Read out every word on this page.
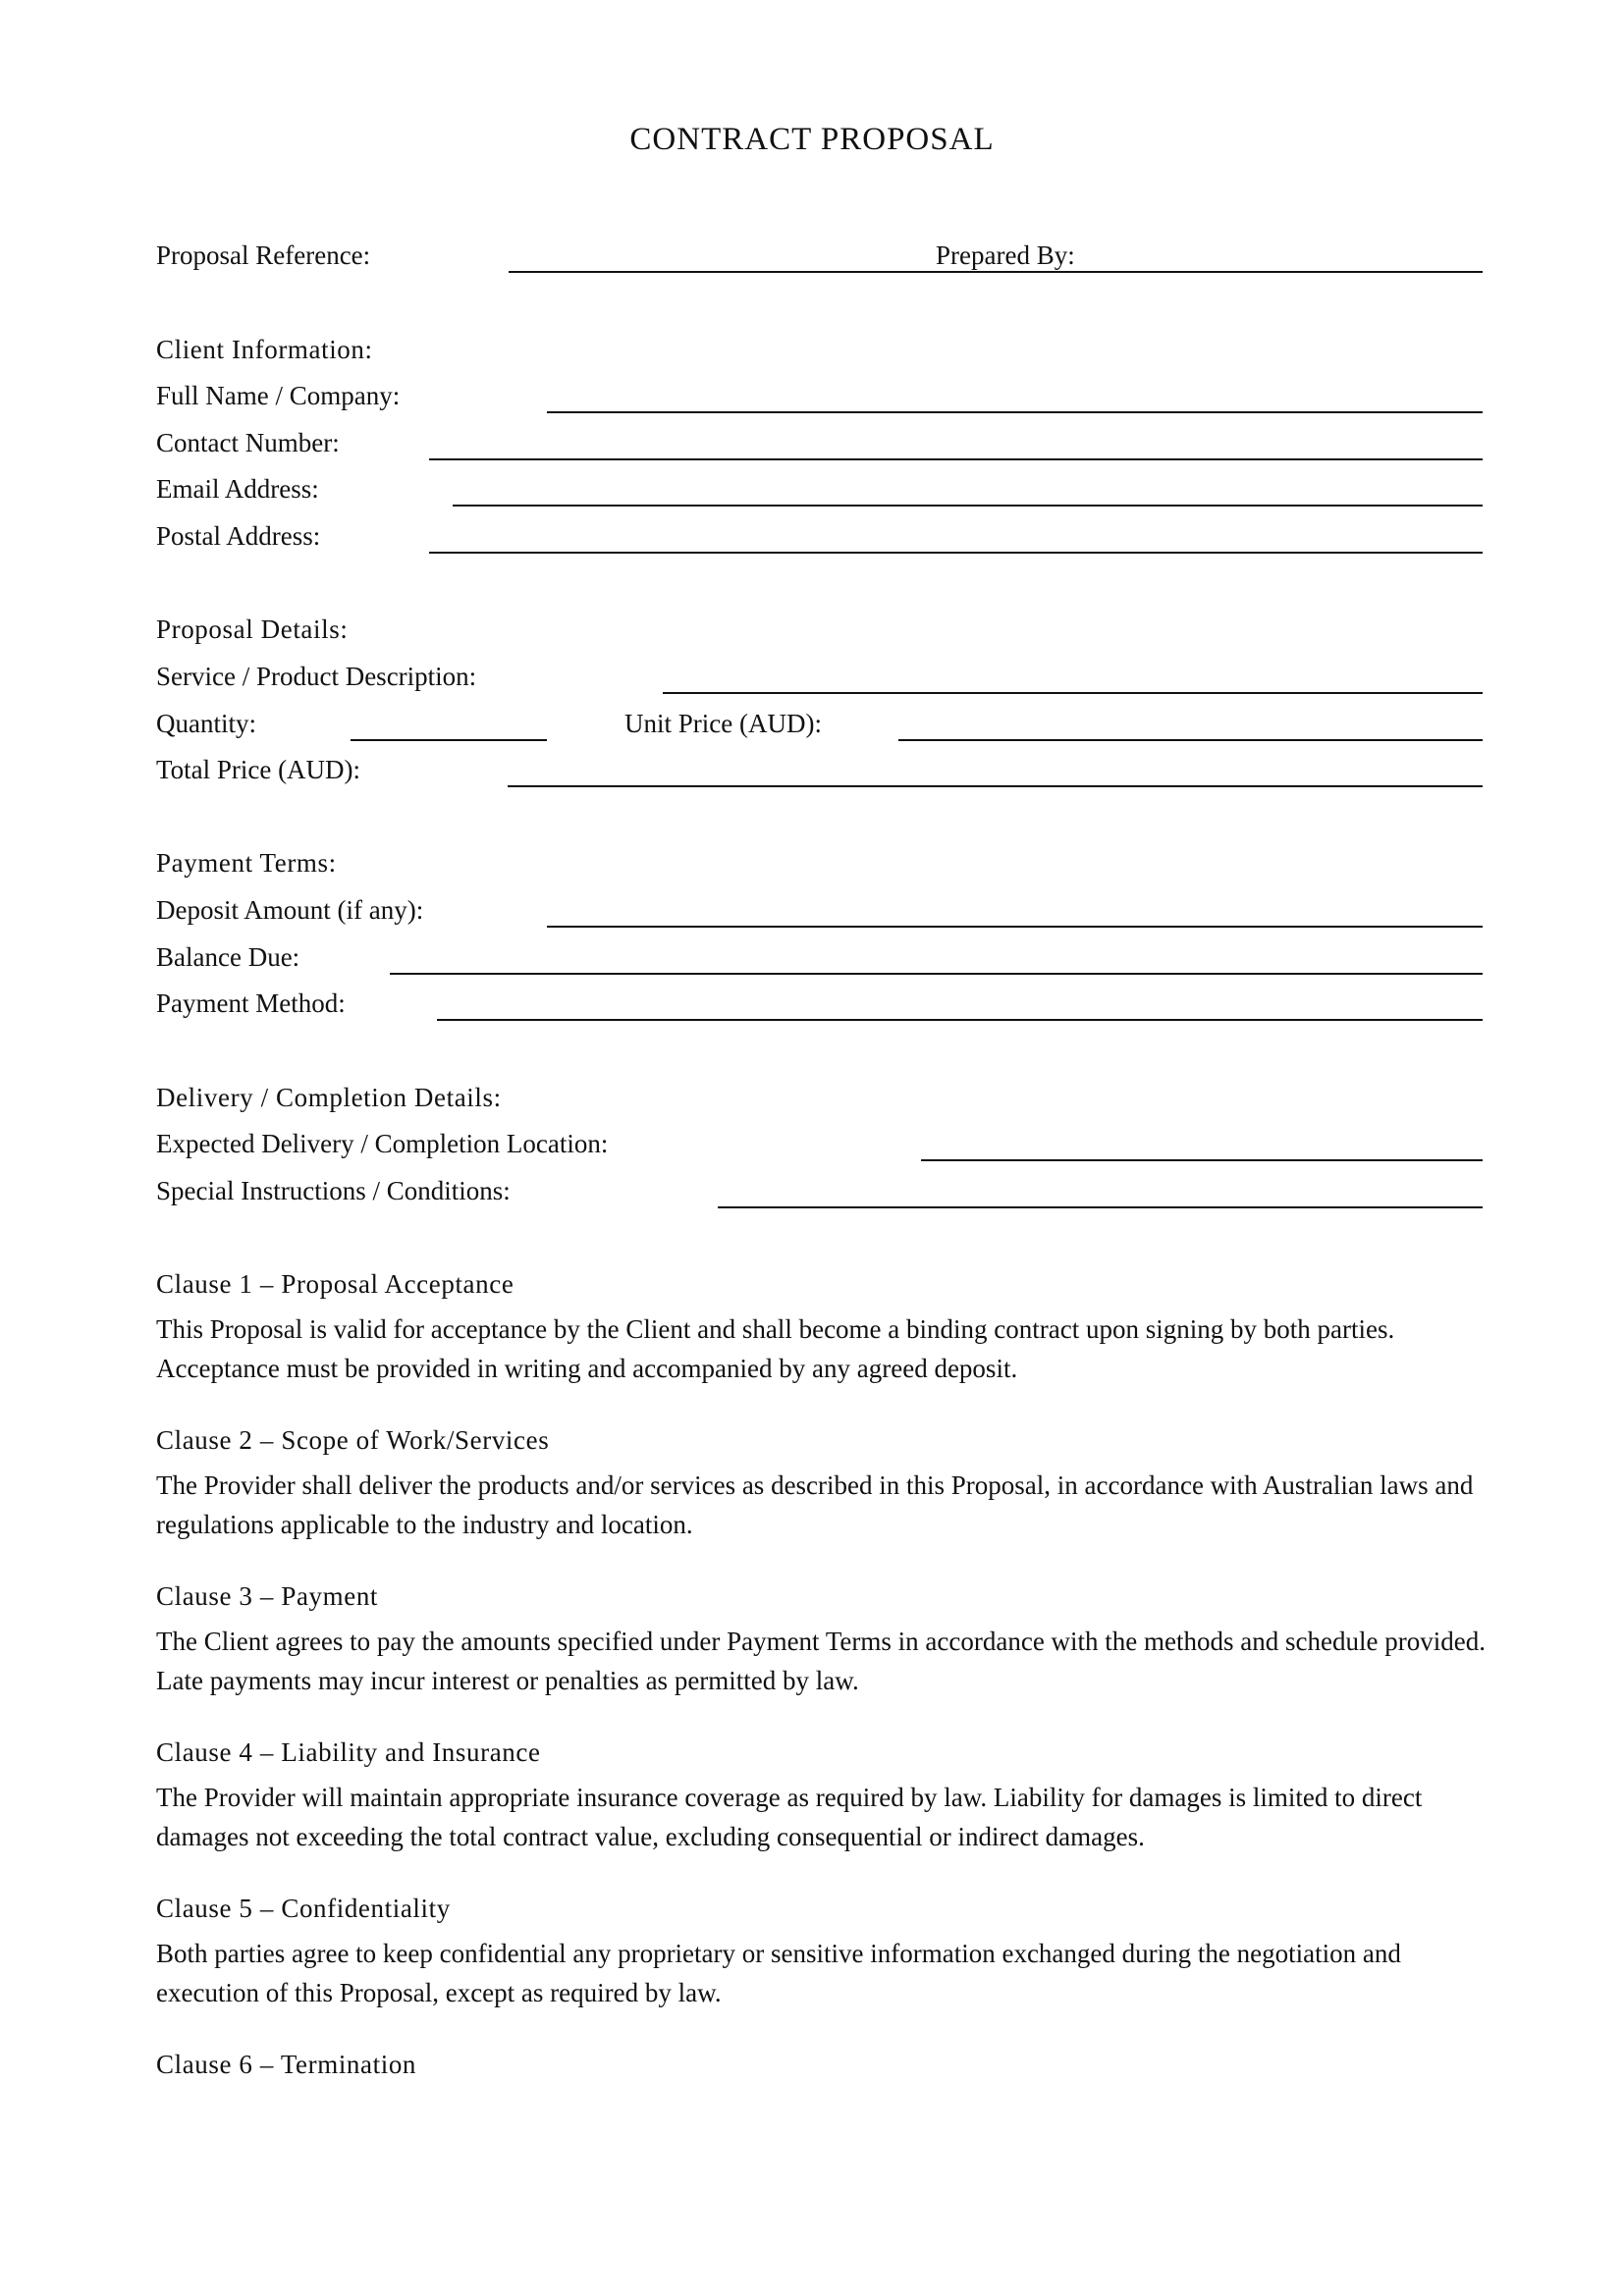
CONTRACT PROPOSAL
Proposal Reference:	Prepared By:
Client Information:
Full Name / Company:
Contact Number:
Email Address:
Postal Address:
Proposal Details:
Service / Product Description:
Quantity:	Unit Price (AUD):
Total Price (AUD):
Payment Terms:
Deposit Amount (if any):
Balance Due:
Payment Method:
Delivery / Completion Details:
Expected Delivery / Completion Location:
Special Instructions / Conditions:
Clause 1 – Proposal Acceptance
This Proposal is valid for acceptance by the Client and shall become a binding contract upon signing by both parties. Acceptance must be provided in writing and accompanied by any agreed deposit.
Clause 2 – Scope of Work/Services
The Provider shall deliver the products and/or services as described in this Proposal, in accordance with Australian laws and regulations applicable to the industry and location.
Clause 3 – Payment
The Client agrees to pay the amounts specified under Payment Terms in accordance with the methods and schedule provided. Late payments may incur interest or penalties as permitted by law.
Clause 4 – Liability and Insurance
The Provider will maintain appropriate insurance coverage as required by law. Liability for damages is limited to direct damages not exceeding the total contract value, excluding consequential or indirect damages.
Clause 5 – Confidentiality
Both parties agree to keep confidential any proprietary or sensitive information exchanged during the negotiation and execution of this Proposal, except as required by law.
Clause 6 – Termination
